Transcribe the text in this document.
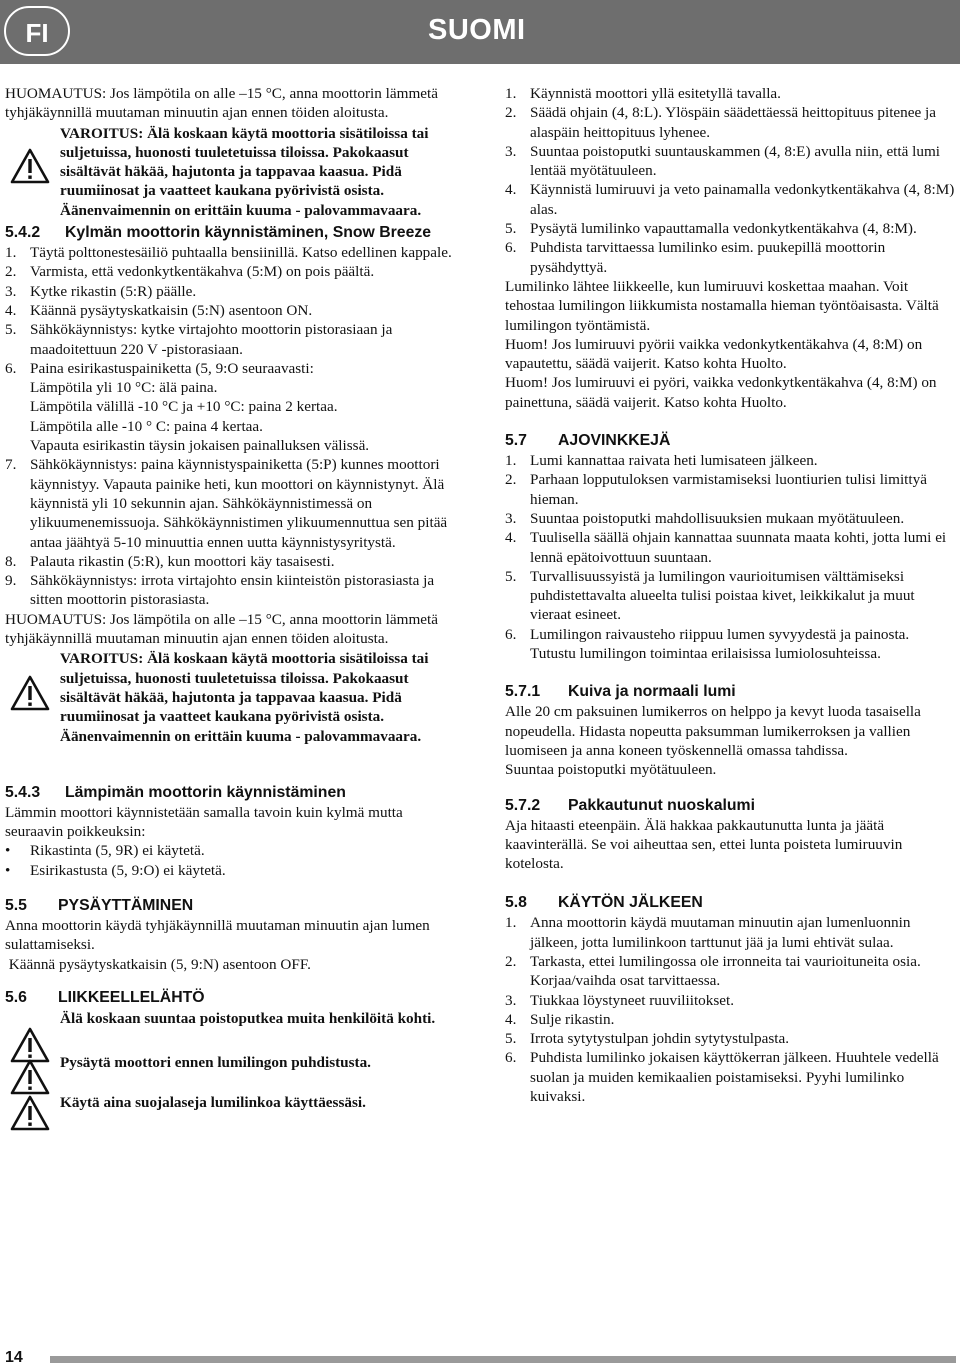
FI	SUOMI

HUOMAUTUS: Jos lämpötila on alle –15 °C, anna moottorin lämmetä tyhjäkäynnillä muutaman minuutin ajan ennen töiden aloitusta.

VAROITUS: Älä koskaan käytä moottoria sisätiloissa tai suljetuissa, huonosti tuuletetuissa tiloissa. Pakokaasut sisältävät häkää, hajutonta ja tappavaa kaasua. Pidä ruumiinosat ja vaatteet kaukana pyörivistä osista. Äänenvaimennin on erittäin kuuma - palovammavaara.

5.4.2	Kylmän moottorin käynnistäminen, Snow Breeze
1. Täytä polttonestesäiliö puhtaalla bensiinillä. Katso edellinen kappale.
2. Varmista, että vedonkytkentäkahva (5:M) on pois päältä.
3. Kytke rikastin (5:R) päälle.
4. Käännä pysäytyskatkaisin (5:N) asentoon ON.
5. Sähkökäynnistys: kytke virtajohto moottorin pistorasiaan ja maadoitettuun 220 V -pistorasiaan.
6. Paina esirikastuspainiketta (5, 9:O seuraavasti:

Lämpötila yli 10 °C: älä paina.

Lämpötila välillä -10 °C ja +10 °C: paina 2 kertaa.

Lämpötila alle -10 ° C: paina 4 kertaa.

Vapauta esirikastin täysin jokaisen painalluksen välissä.

7. Sähkökäynnistys: paina käynnistyspainiketta (5:P) kunnes moottori käynnistyy. Vapauta painike heti, kun moottori on käynnistynyt. Älä käynnistä yli 10 sekunnin ajan. Sähkökäynnistimessä on ylikuumenemissuoja. Sähkökäynnistimen ylikuumennuttua sen pitää antaa jäähtyä 5-10 minuuttia ennen uutta käynnistysyritystä.
8. Palauta rikastin (5:R), kun moottori käy tasaisesti.
9. Sähkökäynnistys: irrota virtajohto ensin kiinteistön pistorasiasta ja sitten moottorin pistorasiasta.

HUOMAUTUS: Jos lämpötila on alle –15 °C, anna moottorin lämmetä tyhjäkäynnillä muutaman minuutin ajan ennen töiden aloitusta.

VAROITUS: Älä koskaan käytä moottoria sisätiloissa tai suljetuissa, huonosti tuuletetuissa tiloissa. Pakokaasut sisältävät häkää, hajutonta ja tappavaa kaasua. Pidä ruumiinosat ja vaatteet kaukana pyörivistä osista. Äänenvaimennin on erittäin kuuma - palovammavaara.

5.4.3	Lämpimän moottorin käynnistäminen

Lämmin moottori käynnistetään samalla tavoin kuin kylmä mutta seuraavin poikkeuksin:

•	Rikastinta (5, 9R) ei käytetä.
•	Esirikastusta (5, 9:O) ei käytetä.
5.5	PYSÄYTTÄMINEN

Anna moottorin käydä tyhjäkäynnillä muutaman minuutin ajan lumen sulattamiseksi.

Käännä pysäytyskatkaisin (5, 9:N) asentoon OFF.

5.6	LIIKKEELLELÄHTÖ

Älä koskaan suuntaa poistoputkea muita henkilöitä kohti.

Pysäytä moottori ennen lumilingon puhdistusta.

Käytä aina suojalaseja lumilinkoa käyttäessäsi.

1. Käynnistä moottori yllä esitetyllä tavalla.
2. Säädä ohjain (4, 8:L). Ylöspäin säädettäessä heittopituus pitenee ja alaspäin heittopituus lyhenee.
3. Suuntaa poistoputki suuntauskammen (4, 8:E) avulla niin, että lumi lentää myötätuuleen.
4. Käynnistä lumiruuvi ja veto painamalla vedonkytkentäkahva (4, 8:M) alas.
5. Pysäytä lumilinko vapauttamalla vedonkytkentäkahva (4, 8:M).
6. Puhdista tarvittaessa lumilinko esim. puukepillä moottorin pysähdyttyä.

Lumilinko lähtee liikkeelle, kun lumiruuvi koskettaa maahan. Voit tehostaa lumilingon liikkumista nostamalla hieman työntöaisasta. Vältä lumilingon työntämistä.

Huom! Jos lumiruuvi pyörii vaikka vedonkytkentäkahva (4, 8:M) on vapautettu, säädä vaijerit. Katso kohta Huolto.

Huom! Jos lumiruuvi ei pyöri, vaikka vedonkytkentäkahva (4, 8:M) on painettuna, säädä vaijerit. Katso kohta Huolto.

5.7	AJOVINKKEJÄ
1. Lumi kannattaa raivata heti lumisateen jälkeen.
2. Parhaan lopputuloksen varmistamiseksi luontiurien tulisi limittyä hieman.
3. Suuntaa poistoputki mahdollisuuksien mukaan myötätuuleen.
4. Tuulisella säällä ohjain kannattaa suunnata maata kohti, jotta lumi ei lennä epätoivottuun suuntaan.
5. Turvallisuussyistä ja lumilingon vaurioitumisen välttämiseksi puhdistettavalta alueelta tulisi poistaa kivet, leikkikalut ja muut vieraat esineet.
6. Lumilingon raivausteho riippuu lumen syvyydestä ja painosta. Tutustu lumilingon toimintaa erilaisissa lumiolosuhteissa.
5.7.1	Kuiva ja normaali lumi

Alle 20 cm paksuinen lumikerros on helppo ja kevyt luoda tasaisella nopeudella. Hidasta nopeutta paksumman lumikerroksen ja vallien luomiseen ja anna koneen työskennellä omassa tahdissa.

Suuntaa poistoputki myötätuuleen.

5.7.2	Pakkautunut nuoskalumi

Aja hitaasti eteenpäin. Älä hakkaa pakkautunutta lunta ja jäätä kaavinterällä. Se voi aiheuttaa sen, ettei lunta poisteta lumiruuvin kotelosta.

5.8	KÄYTÖN JÄLKEEN
1. Anna moottorin käydä muutaman minuutin ajan lumenluonnin jälkeen, jotta lumilinkoon tarttunut jää ja lumi ehtivät sulaa.
2. Tarkasta, ettei lumilingossa ole irronneita tai vaurioituneita osia. Korjaa/vaihda osat tarvittaessa.
3. Tiukkaa löystyneet ruuviliitokset.
4. Sulje rikastin.
5. Irrota sytytystulpan johdin sytytystulpasta.
6. Puhdista lumilinko jokaisen käyttökerran jälkeen. Huuhtele vedellä suolan ja muiden kemikaalien poistamiseksi. Pyyhi lumilinko kuivaksi.
14
